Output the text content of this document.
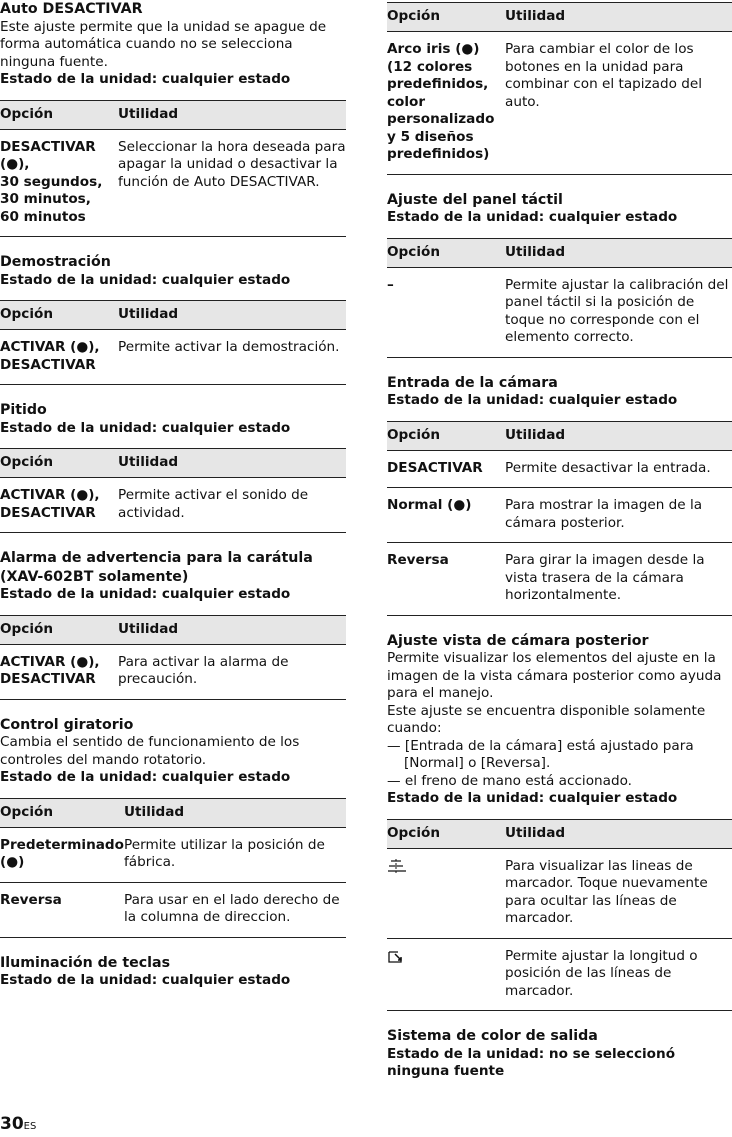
Auto DESACTIVAR

Este ajuste permite que la unidad se apague de forma automática cuando no se selecciona ninguna fuente.

Estado de la unidad: cualquier estado

Opción	Utilidad
DESACTIVAR (●),
30 segundos,
30 minutos,
60 minutos	Seleccionar la hora deseada para apagar la unidad o desactivar la función de Auto DESACTIVAR.

Demostración

Estado de la unidad: cualquier estado

Opción	Utilidad
ACTIVAR (●),
DESACTIVAR	Permite activar la demostración.

Pitido

Estado de la unidad: cualquier estado

Opción	Utilidad
ACTIVAR (●),
DESACTIVAR	Permite activar el sonido de actividad.

Alarma de advertencia para la carátula (XAV-602BT solamente)

Estado de la unidad: cualquier estado

Opción	Utilidad
ACTIVAR (●),
DESACTIVAR	Para activar la alarma de precaución.

Control giratorio

Cambia el sentido de funcionamiento de los controles del mando rotatorio.

Estado de la unidad: cualquier estado

Opción	Utilidad
Predeterminado (●)	Permite utilizar la posición de fábrica.
Reversa	Para usar en el lado derecho de la columna de direccion.

Iluminación de teclas

Estado de la unidad: cualquier estado

Opción	Utilidad
Arco iris (●)
(12 colores predefinidos, color personalizado y 5 diseños predefinidos)	Para cambiar el color de los botones en la unidad para combinar con el tapizado del auto.

Ajuste del panel táctil

Estado de la unidad: cualquier estado

Opción	Utilidad
–	Permite ajustar la calibración del panel táctil si la posición de toque no corresponde con el elemento correcto.

Entrada de la cámara

Estado de la unidad: cualquier estado

Opción	Utilidad
DESACTIVAR	Permite desactivar la entrada.
Normal (●)	Para mostrar la imagen de la cámara posterior.
Reversa	Para girar la imagen desde la vista trasera de la cámara horizontalmente.

Ajuste vista de cámara posterior

Permite visualizar los elementos del ajuste en la imagen de la vista cámara posterior como ayuda para el manejo.

Este ajuste se encuentra disponible solamente cuando:

— [Entrada de la cámara] está ajustado para [Normal] o [Reversa].

— el freno de mano está accionado.

Estado de la unidad: cualquier estado

Opción	Utilidad
	Para visualizar las lineas de marcador. Toque nuevamente para ocultar las líneas de marcador.
	Permite ajustar la longitud o posición de las líneas de marcador.

Sistema de color de salida

Estado de la unidad: no se seleccionó ninguna fuente

30ES
